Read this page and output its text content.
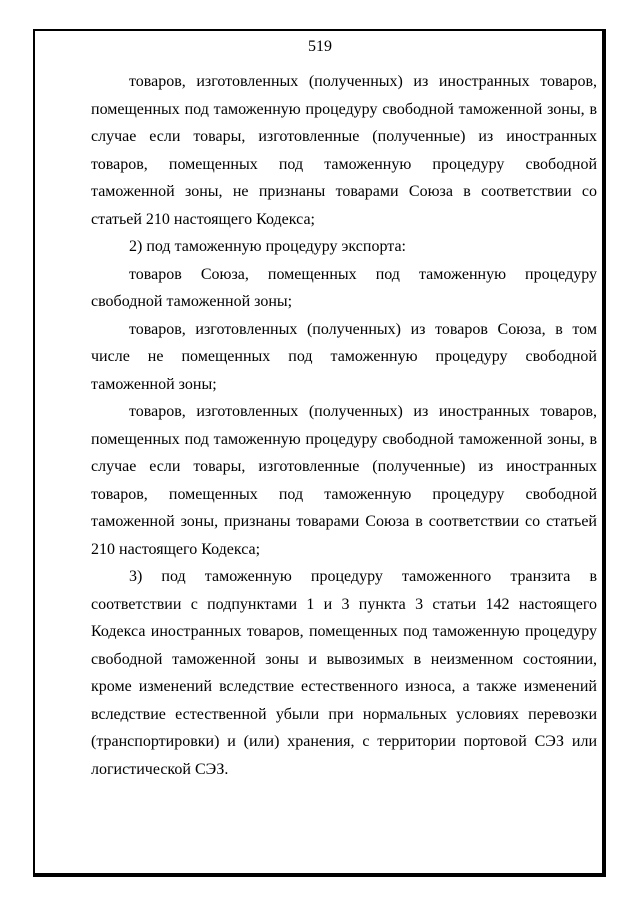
519

товаров, изготовленных (полученных) из иностранных товаров, помещенных под таможенную процедуру свободной таможенной зоны, в случае если товары, изготовленные (полученные) из иностранных товаров, помещенных под таможенную процедуру свободной таможенной зоны, не признаны товарами Союза в соответствии со статьей 210 настоящего Кодекса;

2) под таможенную процедуру экспорта:

товаров Союза, помещенных под таможенную процедуру свободной таможенной зоны;

товаров, изготовленных (полученных) из товаров Союза, в том числе не помещенных под таможенную процедуру свободной таможенной зоны;

товаров, изготовленных (полученных) из иностранных товаров, помещенных под таможенную процедуру свободной таможенной зоны, в случае если товары, изготовленные (полученные) из иностранных товаров, помещенных под таможенную процедуру свободной таможенной зоны, признаны товарами Союза в соответствии со статьей 210 настоящего Кодекса;

3) под таможенную процедуру таможенного транзита в соответствии с подпунктами 1 и 3 пункта 3 статьи 142 настоящего Кодекса иностранных товаров, помещенных под таможенную процедуру свободной таможенной зоны и вывозимых в неизменном состоянии, кроме изменений вследствие естественного износа, а также изменений вследствие естественной убыли при нормальных условиях перевозки (транспортировки) и (или) хранения, с территории портовой СЭЗ или логистической СЭЗ.
